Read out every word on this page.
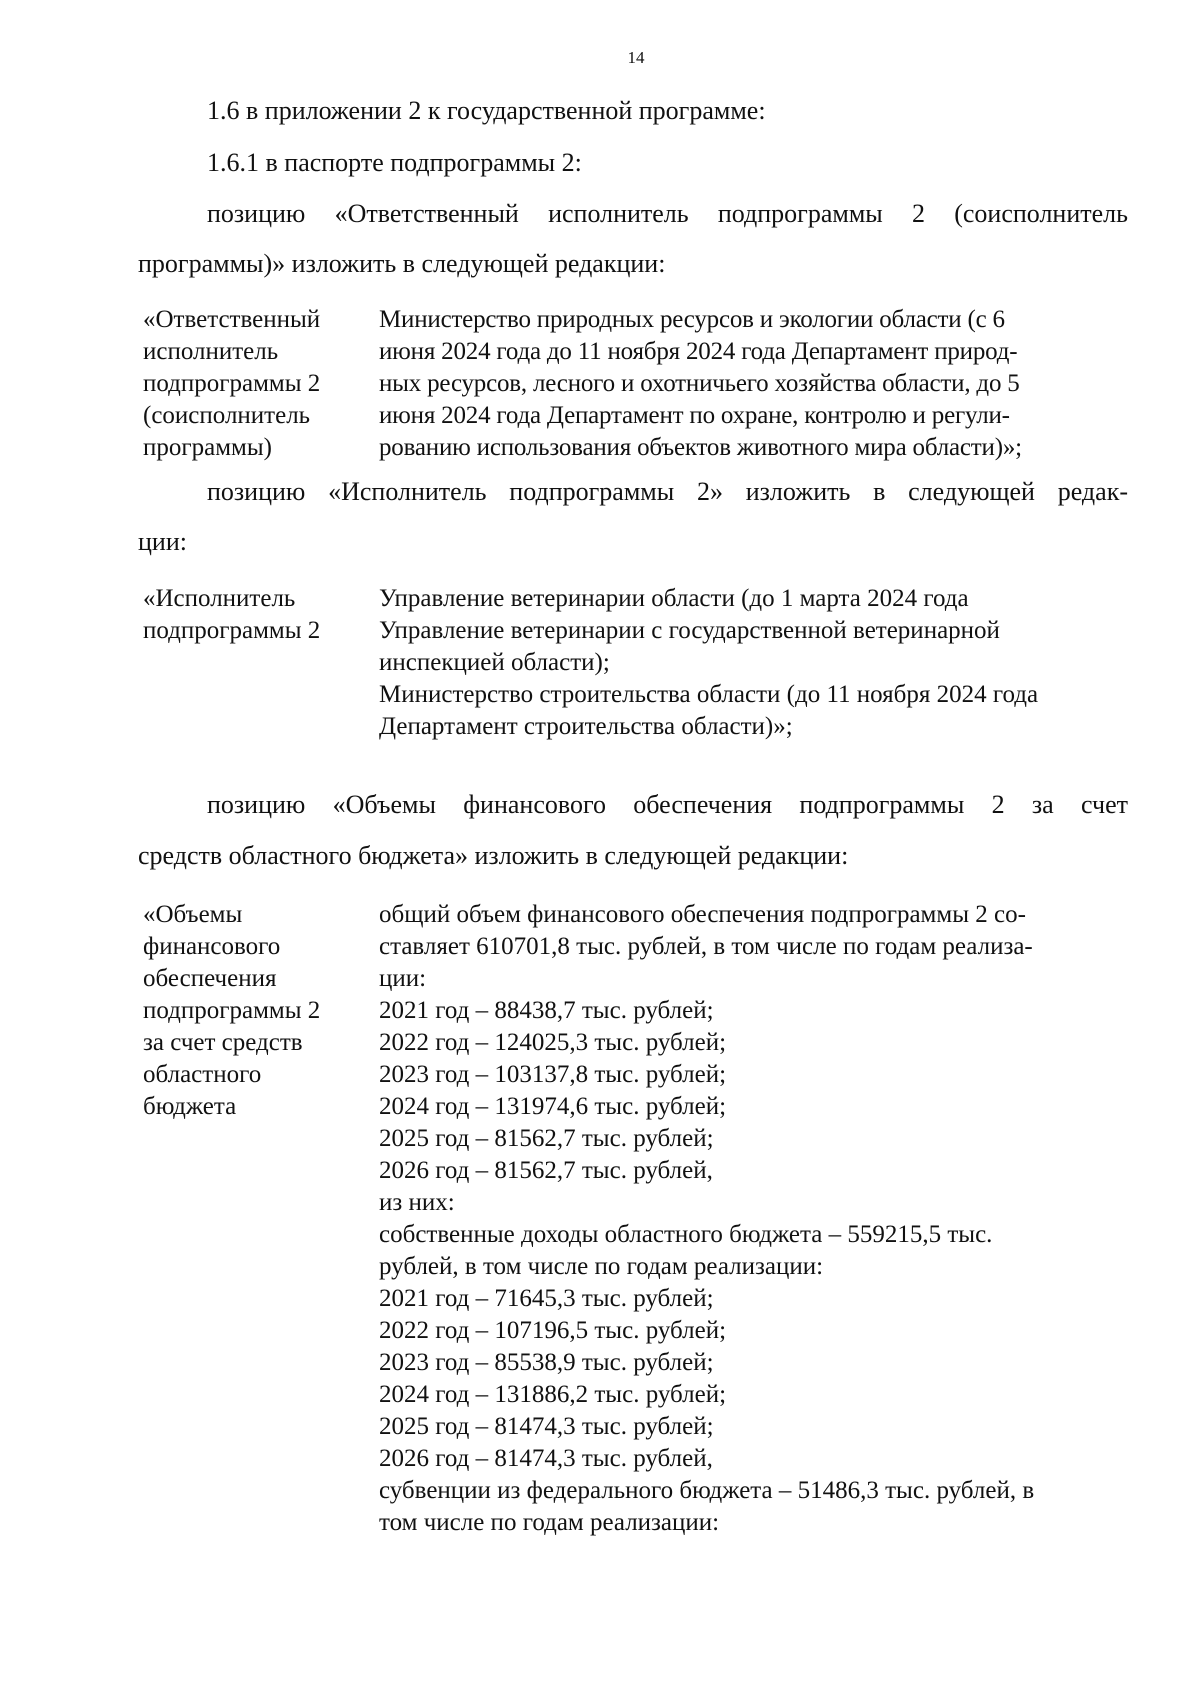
14
1.6 в приложении 2 к государственной программе:
1.6.1 в паспорте подпрограммы 2:
позицию «Ответственный исполнитель подпрограммы 2 (соисполнитель
программы)» изложить в следующей редакции:
«Ответственный
исполнитель
подпрограммы 2
(соисполнитель
программы)
Министерство природных ресурсов и экологии области (с 6
июня 2024 года до 11 ноября 2024 года Департамент природ-
ных ресурсов, лесного и охотничьего хозяйства области, до 5
июня 2024 года Департамент по охране, контролю и регули-
рованию использования объектов животного мира области)»;
позицию «Исполнитель подпрограммы 2» изложить в следующей редак-
ции:
«Исполнитель
подпрограммы 2
Управление ветеринарии области (до 1 марта 2024 года
Управление ветеринарии с государственной ветеринарной
инспекцией области);
Министерство строительства области (до 11 ноября 2024 года
Департамент строительства области)»;
позицию «Объемы финансового обеспечения подпрограммы 2 за счет
средств областного бюджета» изложить в следующей редакции:
«Объемы
финансового
обеспечения
подпрограммы 2
за счет средств
областного
бюджета
общий объем финансового обеспечения подпрограммы 2 со-
ставляет 610701,8 тыс. рублей, в том числе по годам реализа-
ции:
2021 год – 88438,7 тыс. рублей;
2022 год – 124025,3 тыс. рублей;
2023 год – 103137,8 тыс. рублей;
2024 год – 131974,6 тыс. рублей;
2025 год – 81562,7 тыс. рублей;
2026 год – 81562,7 тыс. рублей,
из них:
собственные доходы областного бюджета – 559215,5 тыс.
рублей, в том числе по годам реализации:
2021 год – 71645,3 тыс. рублей;
2022 год – 107196,5 тыс. рублей;
2023 год – 85538,9 тыс. рублей;
2024 год – 131886,2 тыс. рублей;
2025 год – 81474,3 тыс. рублей;
2026 год – 81474,3 тыс. рублей,
субвенции из федерального бюджета – 51486,3 тыс. рублей, в
том числе по годам реализации:
